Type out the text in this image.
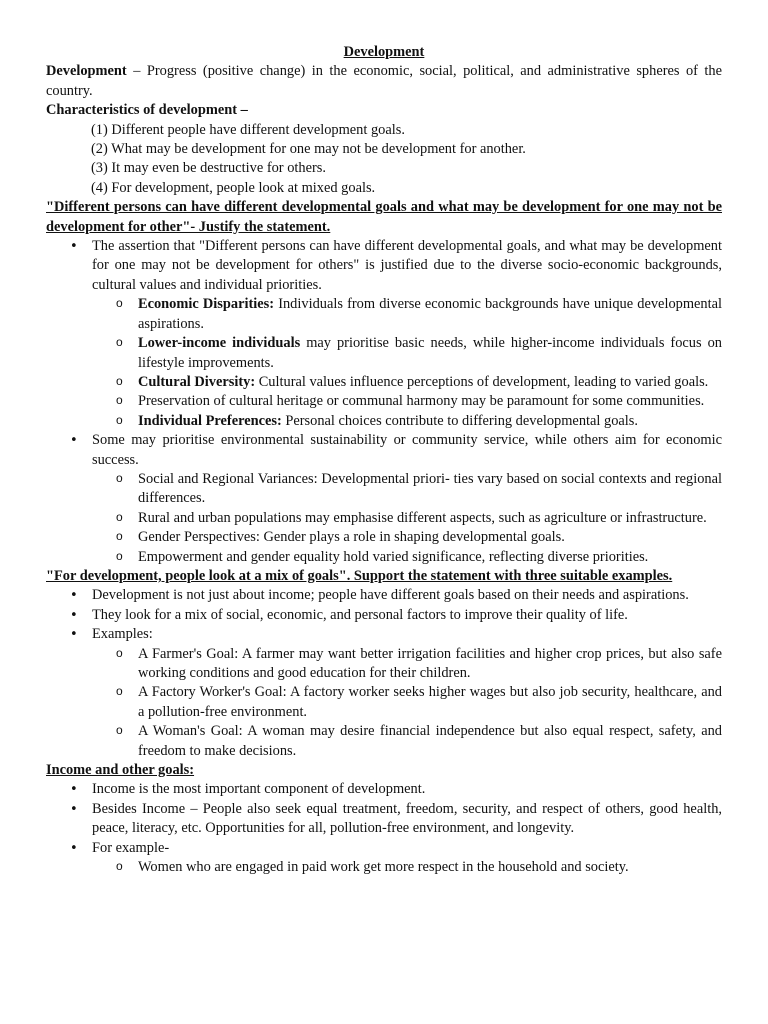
Development

Development – Progress (positive change) in the economic, social, political, and administrative spheres of the country.

Characteristics of development –

(1) Different people have different development goals.

(2) What may be development for one may not be development for another.

(3) It may even be destructive for others.

(4) For development, people look at mixed goals.

"Different persons can have different developmental goals and what may be development for one may not be development for other"- Justify the statement.

• The assertion that "Different persons can have different developmental goals, and what may be development for one may not be development for others" is justified due to the diverse socio-economic backgrounds, cultural values and individual priorities.
o Economic Disparities: Individuals from diverse economic backgrounds have unique developmental aspirations.
o Lower-income individuals may prioritise basic needs, while higher-income individuals focus on lifestyle improvements.
o Cultural Diversity: Cultural values influence perceptions of development, leading to varied goals.
o Preservation of cultural heritage or communal harmony may be paramount for some communities.
o Individual Preferences: Personal choices contribute to differing developmental goals.
• Some may prioritise environmental sustainability or community service, while others aim for economic success.
o Social and Regional Variances: Developmental priori- ties vary based on social contexts and regional differences.
o Rural and urban populations may emphasise different aspects, such as agriculture or infrastructure.
o Gender Perspectives: Gender plays a role in shaping developmental goals.
o Empowerment and gender equality hold varied significance, reflecting diverse priorities.

"For development, people look at a mix of goals". Support the statement with three suitable examples.

• Development is not just about income; people have different goals based on their needs and aspirations.
• They look for a mix of social, economic, and personal factors to improve their quality of life.
• Examples:
o A Farmer's Goal: A farmer may want better irrigation facilities and higher crop prices, but also safe working conditions and good education for their children.
o A Factory Worker's Goal: A factory worker seeks higher wages but also job security, healthcare, and a pollution-free environment.
o A Woman's Goal: A woman may desire financial independence but also equal respect, safety, and freedom to make decisions.

Income and other goals:

• Income is the most important component of development.
• Besides Income – People also seek equal treatment, freedom, security, and respect of others, good health, peace, literacy, etc. Opportunities for all, pollution-free environment, and longevity.
• For example-
o Women who are engaged in paid work get more respect in the household and society.
